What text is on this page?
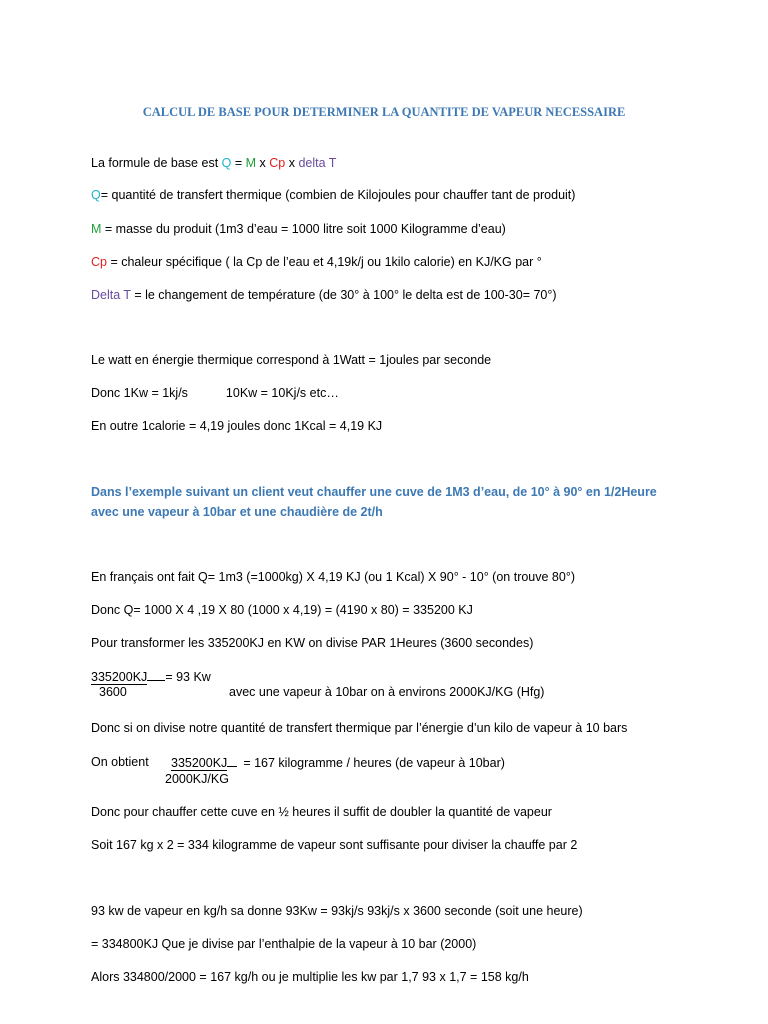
CALCUL DE BASE POUR DETERMINER LA QUANTITE DE VAPEUR NECESSAIRE
La formule de base est Q = M x Cp x delta T
Q= quantité de transfert thermique (combien de Kilojoules pour chauffer tant de produit)
M = masse du produit (1m3 d’eau = 1000 litre soit 1000 Kilogramme d’eau)
Cp = chaleur spécifique ( la Cp de l’eau et 4,19k/j ou 1kilo calorie) en KJ/KG par °
Delta T = le changement de température (de 30° à 100° le delta est de 100-30= 70°)
Le watt en énergie thermique correspond à 1Watt = 1joules par seconde
Donc 1Kw = 1kj/s	10Kw = 10Kj/s etc…
En outre 1calorie = 4,19 joules donc 1Kcal = 4,19 KJ
Dans l’exemple suivant un client veut chauffer une cuve de 1M3 d’eau, de 10° à 90° en 1/2Heure
avec une vapeur à 10bar et une chaudière de 2t/h
En français ont fait Q= 1m3 (=1000kg) X 4,19 KJ (ou 1 Kcal) X 90° - 10° (on trouve 80°)
Donc Q= 1000 X 4 ,19 X 80 (1000 x 4,19) = (4190 x 80) = 335200 KJ
Pour transformer les 335200KJ en KW on divise PAR 1Heures (3600 secondes)
335200KJ = 93 Kw
3600	avec une vapeur à 10bar on à environs 2000KJ/KG (Hfg)
Donc si on divise notre quantité de transfert thermique par l’énergie d’un kilo de vapeur à 10 bars
On obtient 335200KJ = 167 kilogramme / heures (de vapeur à 10bar)
2000KJ/KG
Donc pour chauffer cette cuve en ½ heures il suffit de doubler la quantité de vapeur
Soit 167 kg x 2 = 334 kilogramme de vapeur sont suffisante pour diviser la chauffe par 2
93 kw de vapeur en kg/h sa donne 93Kw = 93kj/s 93kj/s x 3600 seconde (soit une heure)
= 334800KJ Que je divise par l’enthalpie de la vapeur à 10 bar (2000)
Alors 334800/2000 = 167 kg/h ou je multiplie les kw par 1,7 93 x 1,7 = 158 kg/h
